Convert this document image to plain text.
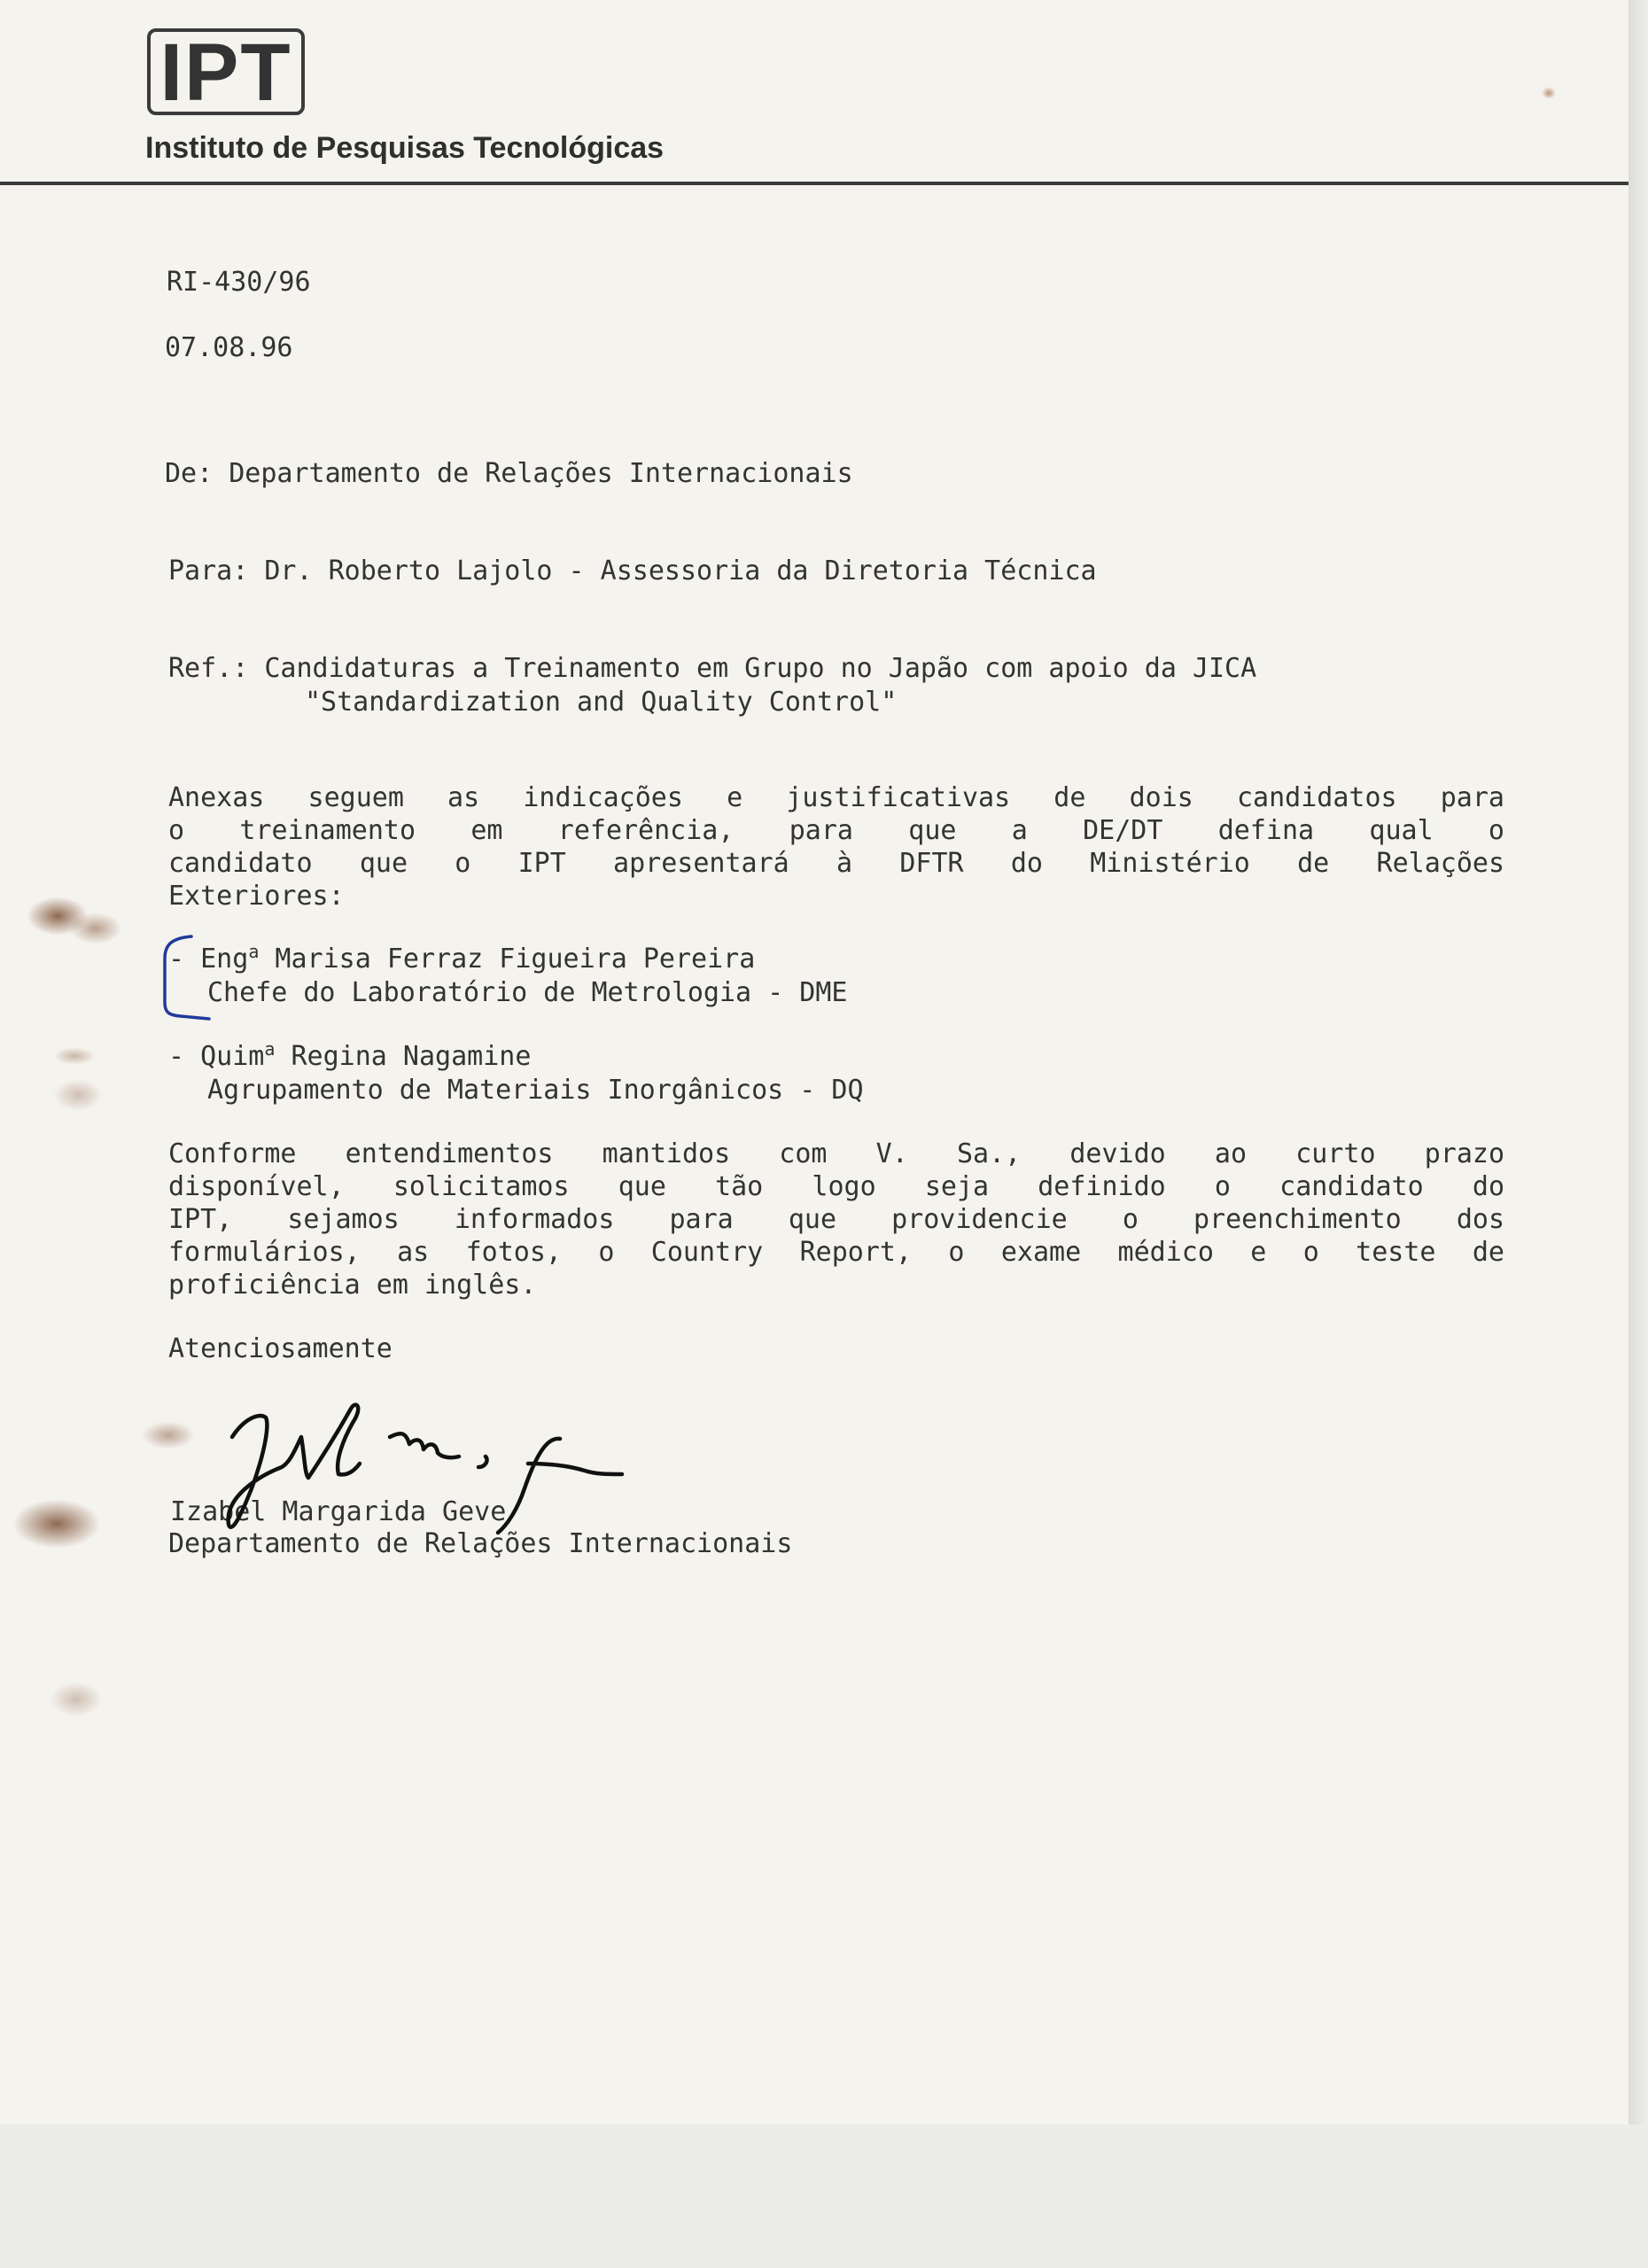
IPT
Instituto de Pesquisas Tecnológicas
RI-430/96
07.08.96
De: Departamento de Relações Internacionais
Para: Dr. Roberto Lajolo - Assessoria da Diretoria Técnica
Ref.: Candidaturas a Treinamento em Grupo no Japão com apoio da JICA
"Standardization and Quality Control"
Anexas seguem as indicações e justificativas de dois candidatos para
o treinamento em referência, para que a DE/DT defina qual o
candidato que o IPT apresentará à DFTR do Ministério de Relações
Exteriores:
- Eng$^a$ Marisa Ferraz Figueira Pereira
Chefe do Laboratório de Metrologia - DME
- Quim$^a$ Regina Nagamine
Agrupamento de Materiais Inorgânicos - DQ
Conforme entendimentos mantidos com V. Sa., devido ao curto prazo
disponível, solicitamos que tão logo seja definido o candidato do
IPT, sejamos informados para que providencie o preenchimento dos
formulários, as fotos, o Country Report, o exame médico e o teste de
proficiência em inglês.
Atenciosamente
Izabel Margarida Geve
Departamento de Relações Internacionais
